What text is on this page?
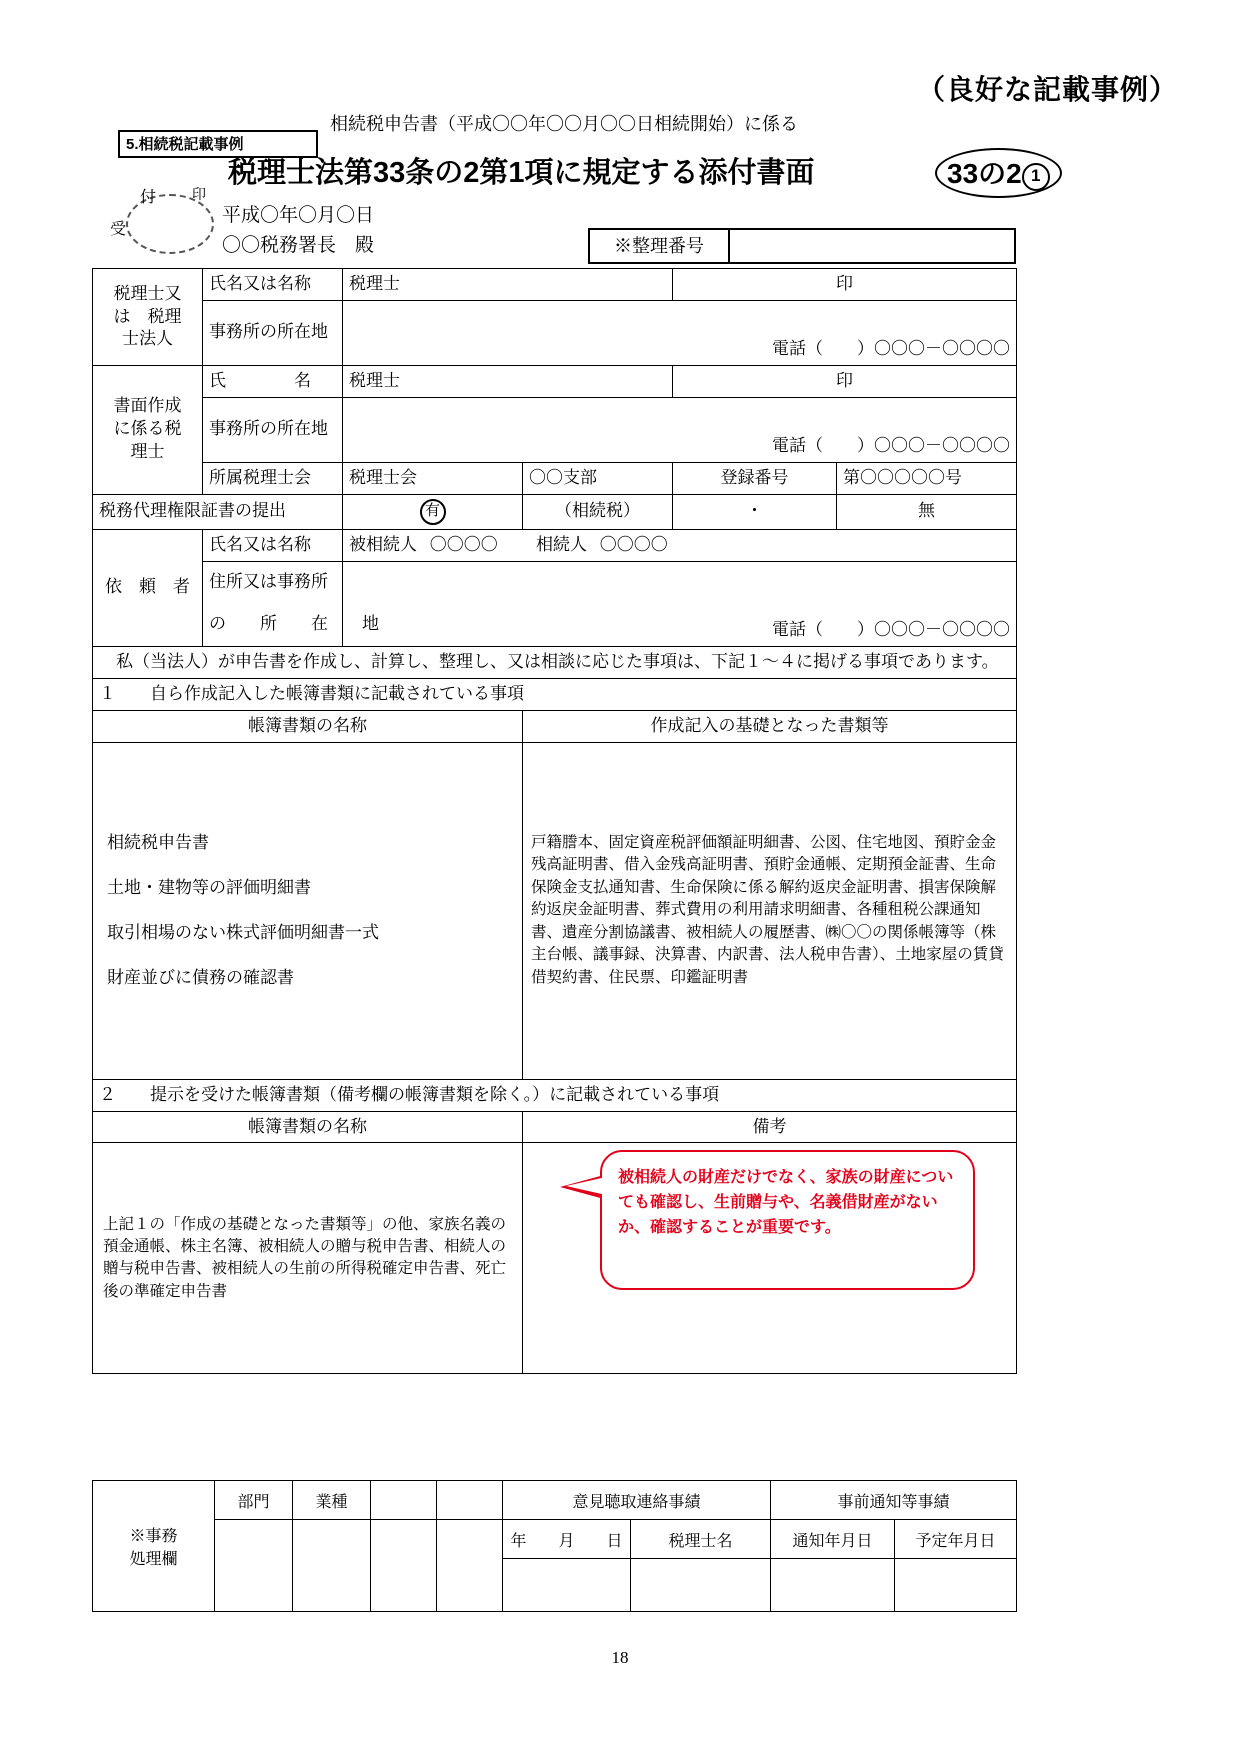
（良好な記載事例）
相続税申告書（平成〇〇年〇〇月〇〇日相続開始）に係る
5.相続税記載事例
税理士法第33条の2第1項に規定する添付書面	33の2 1
受
付	印
平成〇年〇月〇日
〇〇税務署長　殿	※整理番号
税理士又
は　税理
士法人	氏名又は名称	税理士		印	
	事務所の所在地	電話（　　）〇〇〇－〇〇〇〇			

書面作成
に係る税
理士	氏　　　　名	税理士		印	
	事務所の所在地	電話（　　）〇〇〇－〇〇〇〇			
	所属税理士会	税理士会	〇〇支部	登録番号	第〇〇〇〇〇号
税務代理権限証書の提出		有	（相続税）	・	無
依　頼　者	氏名又は名称	被相続人 〇〇〇〇 相続人 〇〇〇〇			
	住所又は事務所	電話（　　）〇〇〇－〇〇〇〇			
	の　　所　　在　　地				
　私（当法人）が申告書を作成し、計算し、整理し、又は相談に応じた事項は、下記１～４に掲げる事項であります。					
１　　自ら作成記入した帳簿書類に記載されている事項					
帳簿書類の名称			作成記入の基礎となった書類等		

相続税申告書
土地・建物等の評価明細書
取引相場のない株式評価明細書一式
財産並びに債務の確認書			戸籍謄本、固定資産税評価額証明細書、公図、住宅地図、預貯金金残高証明書、借入金残高証明書、預貯金通帳、定期預金証書、生命保険金支払通知書、生命保険に係る解約返戻金証明書、損害保険解約返戻金証明書、葬式費用の利用請求明細書、各種租税公課通知書、遺産分割協議書、被相続人の履歴書、㈱〇〇の関係帳簿等（株主台帳、議事録、決算書、内訳書、法人税申告書）、土地家屋の賃貸借契約書、住民票、印鑑証明書		
２　　提示を受けた帳簿書類（備考欄の帳簿書類を除く。）に記載されている事項					
帳簿書類の名称			備考		
上記１の「作成の基礎となった書類等」の他、家族名義の預金通帳、株主名簿、被相続人の贈与税申告書、相続人の贈与税申告書、被相続人の生前の所得税確定申告書、死亡後の準確定申告書					
被相続人の財産だけでなく、家族の財産についても確認し、生前贈与や、名義借財産がないか、確認することが重要です。
※事務
処理欄	部門	業種			意見聴取連絡事績		事前通知等事績	
					年　　月　　日	税理士名	通知年月日	予定年月日

18
